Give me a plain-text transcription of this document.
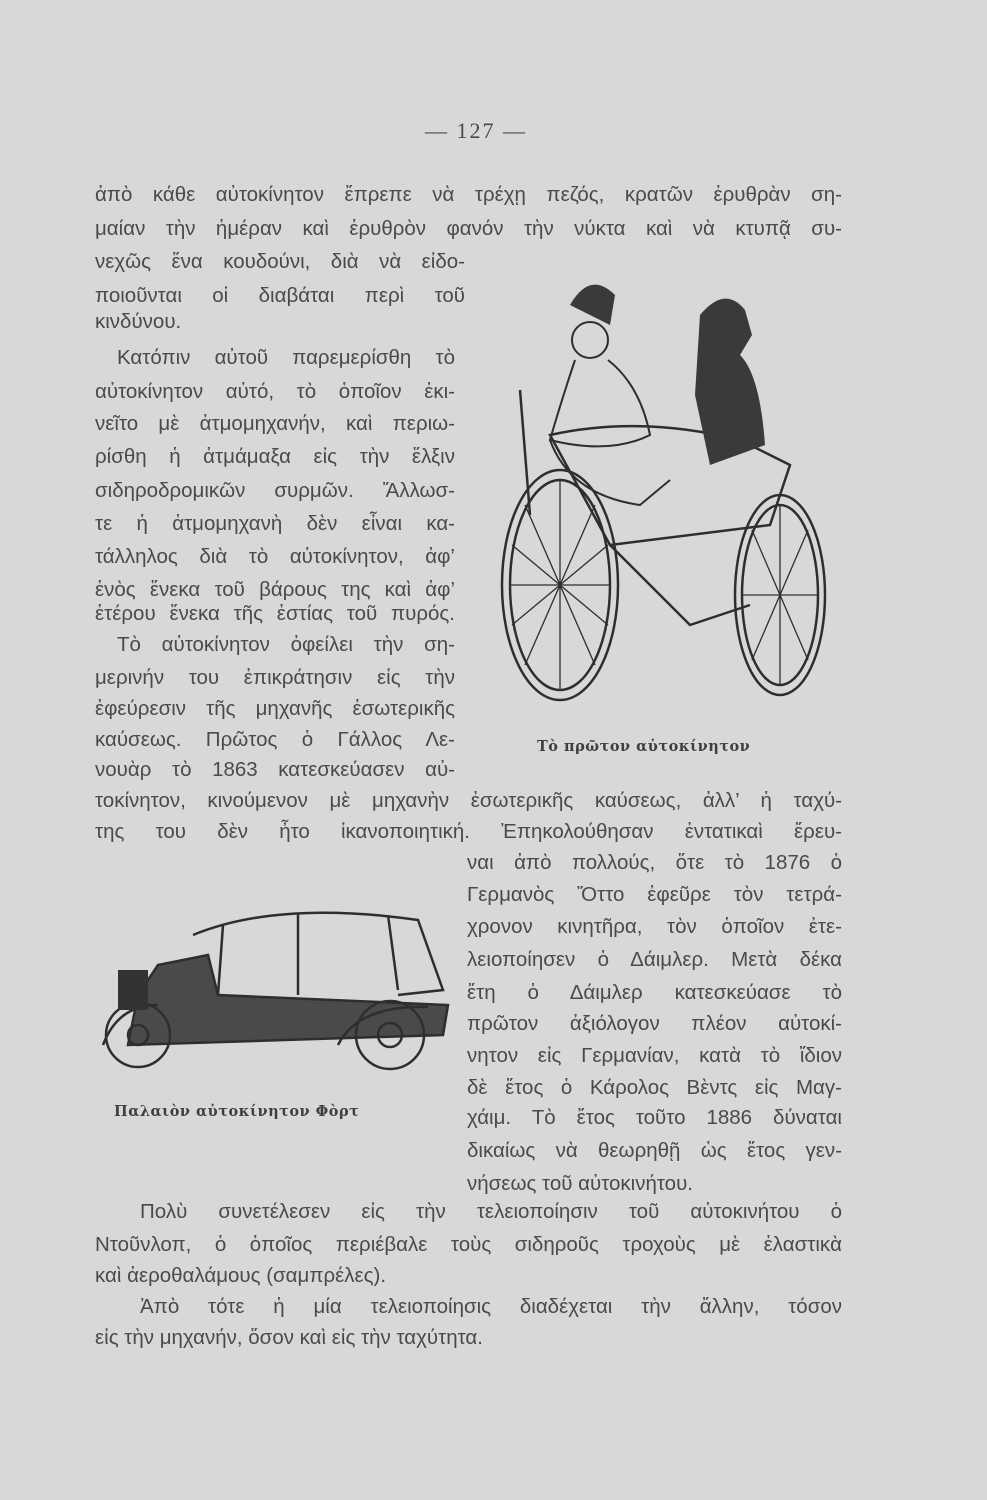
— 127 —
ἀπὸ κάθε αὐτοκίνητον ἔπρεπε νὰ τρέχῃ πεζός, κρατῶν ἐρυθρὰν ση-
μαίαν τὴν ἡμέραν καὶ ἐρυθρὸν φανόν τὴν νύκτα καὶ νὰ κτυπᾷ συ-
νεχῶς ἕνα κουδούνι, διὰ νὰ εἰδο-
ποιοῦνται οἱ διαβάται περὶ τοῦ
κινδύνου.
Κατόπιν αὐτοῦ παρεμερίσθη τὸ
αὐτοκίνητον αὐτό, τὸ ὁποῖον ἐκι-
νεῖτο μὲ ἀτμομηχανήν, καὶ περιω-
ρίσθη ἡ ἀτμάμαξα εἰς τὴν ἕλξιν
σιδηροδρομικῶν συρμῶν. Ἄλλωσ-
τε ἡ ἀτμομηχανὴ δὲν εἶναι κα-
τάλληλος διὰ τὸ αὐτοκίνητον, ἀφ’
ἑνὸς ἕνεκα τοῦ βάρους της καὶ ἀφ’
ἑτέρου ἕνεκα τῆς ἑστίας τοῦ πυρός.
Τὸ αὐτοκίνητον ὀφείλει τὴν ση-
μερινήν του ἐπικράτησιν εἰς τὴν
ἐφεύρεσιν τῆς μηχανῆς ἐσωτερικῆς
καύσεως. Πρῶτος ὁ Γάλλος Λε-
νουὰρ τὸ 1863 κατεσκεύασεν αὐ-
τοκίνητον, κινούμενον μὲ μηχανὴν ἐσωτερικῆς καύσεως, ἀλλ’ ἡ ταχύ-
της του δὲν ἦτο ἱκανοποιητική. Ἐπηκολούθησαν ἐντατικαὶ ἔρευ-
ναι ἀπὸ πολλούς, ὅτε τὸ 1876 ὁ
Γερμανὸς Ὄττο ἐφεῦρε τὸν τετρά-
χρονον κινητῆρα, τὸν ὁποῖον ἐτε-
λειοποίησεν ὁ Δάιμλερ. Μετὰ δέκα
ἔτη ὁ Δάιμλερ κατεσκεύασε τὸ
πρῶτον ἀξιόλογον πλέον αὐτοκί-
νητον εἰς Γερμανίαν, κατὰ τὸ ἴδιον
δὲ ἔτος ὁ Κάρολος Βὲντς εἰς Μαγ-
χάιμ. Τὸ ἔτος τοῦτο 1886 δύναται
δικαίως νὰ θεωρηθῇ ὡς ἔτος γεν-
νήσεως τοῦ αὐτοκινήτου.
Πολὺ συνετέλεσεν εἰς τὴν τελειοποίησιν τοῦ αὐτοκινήτου ὁ
Ντοῦνλοπ, ὁ ὁποῖος περιέβαλε τοὺς σιδηροῦς τροχοὺς μὲ ἐλαστικὰ
καὶ ἀεροθαλάμους (σαμπρέλες).
Ἀπὸ τότε ἡ μία τελειοποίησις διαδέχεται τὴν ἄλλην, τόσον
εἰς τὴν μηχανήν, ὅσον καὶ εἰς τὴν ταχύτητα.
Τὸ πρῶτον αὐτοκίνητον
Παλαιὸν αὐτοκίνητον Φὸρτ
